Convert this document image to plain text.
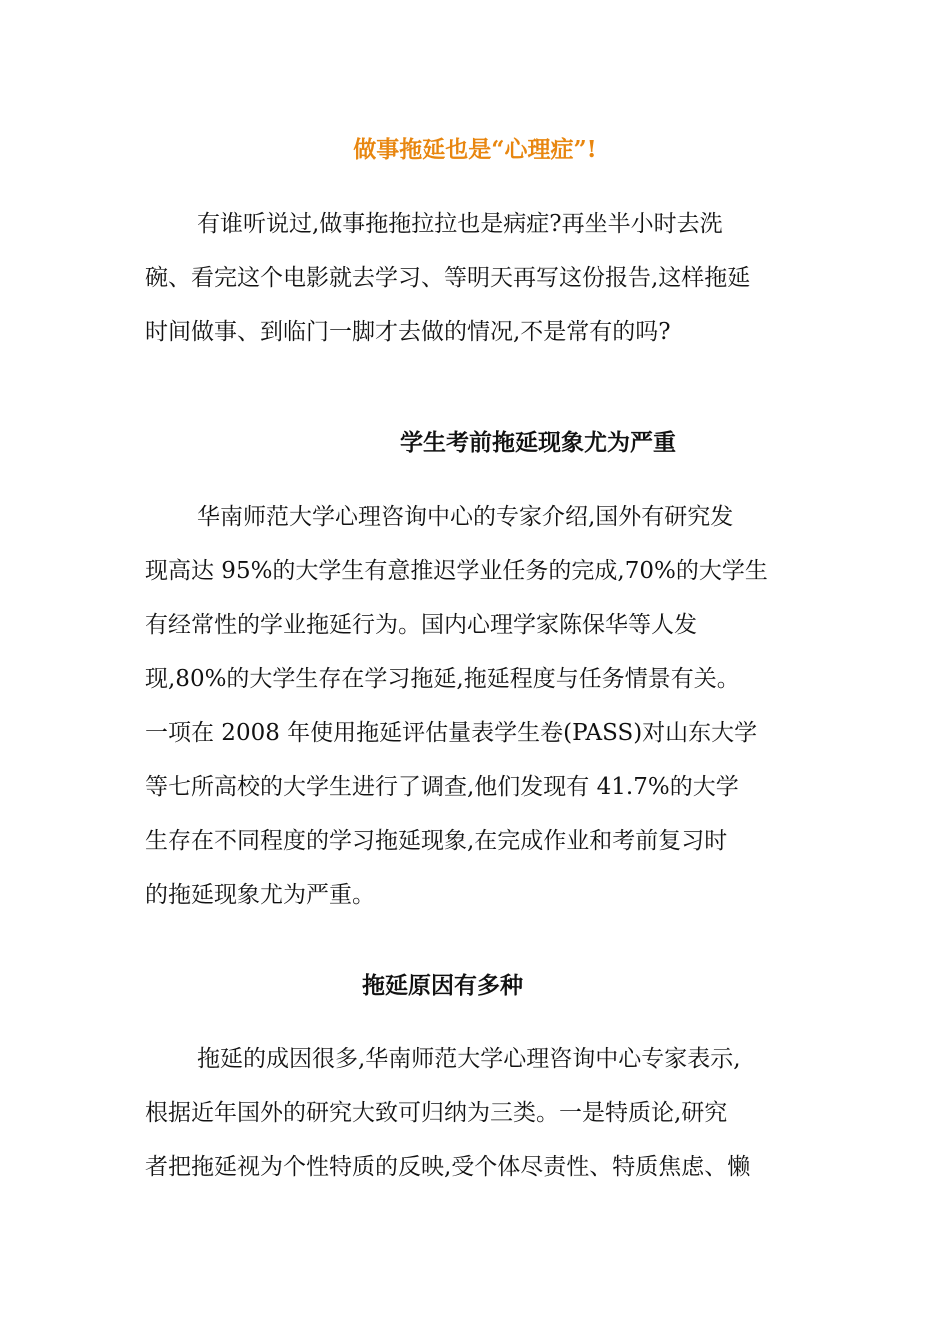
做事拖延也是“心理症”!

有谁听说过,做事拖拖拉拉也是病症?再坐半小时去洗
碗、看完这个电影就去学习、等明天再写这份报告,这样拖延
时间做事、到临门一脚才去做的情况,不是常有的吗?

学生考前拖延现象尤为严重

华南师范大学心理咨询中心的专家介绍,国外有研究发
现高达 95%的大学生有意推迟学业任务的完成,70%的大学生
有经常性的学业拖延行为。国内心理学家陈保华等人发
现,80%的大学生存在学习拖延,拖延程度与任务情景有关。
一项在 2008 年使用拖延评估量表学生卷(PASS)对山东大学
等七所高校的大学生进行了调查,他们发现有 41.7%的大学
生存在不同程度的学习拖延现象,在完成作业和考前复习时
的拖延现象尤为严重。

拖延原因有多种

拖延的成因很多,华南师范大学心理咨询中心专家表示,
根据近年国外的研究大致可归纳为三类。一是特质论,研究
者把拖延视为个性特质的反映,受个体尽责性、特质焦虑、懒
